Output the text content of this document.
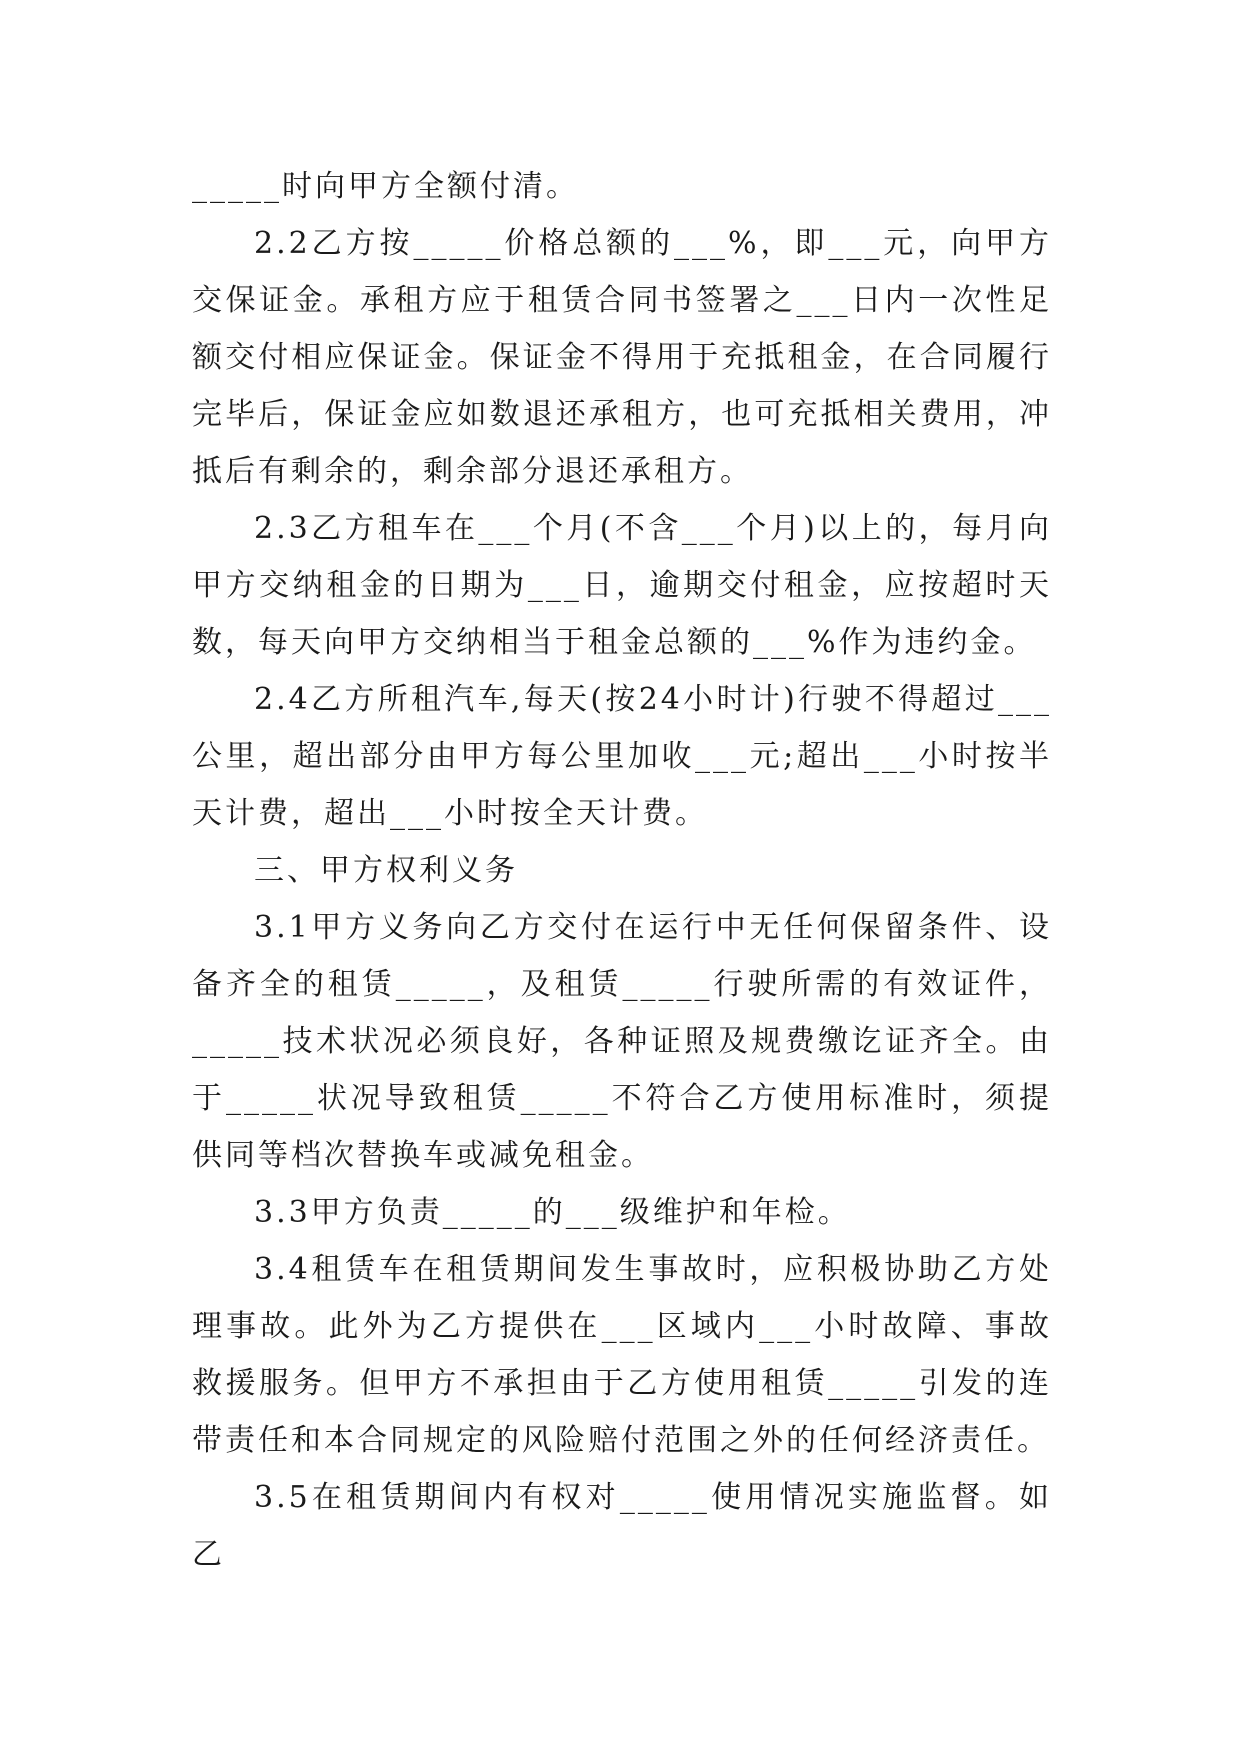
_____时向甲方全额付清。

2.2乙方按_____价格总额的___%，即___元，向甲方交保证金。承租方应于租赁合同书签署之___日内一次性足额交付相应保证金。保证金不得用于充抵租金，在合同履行完毕后，保证金应如数退还承租方，也可充抵相关费用，冲抵后有剩余的，剩余部分退还承租方。

2.3乙方租车在___个月(不含___个月)以上的，每月向甲方交纳租金的日期为___日，逾期交付租金，应按超时天数，每天向甲方交纳相当于租金总额的___%作为违约金。

2.4乙方所租汽车,每天(按24小时计)行驶不得超过___公里，超出部分由甲方每公里加收___元;超出___小时按半天计费，超出___小时按全天计费。

三、甲方权利义务

3.1甲方义务向乙方交付在运行中无任何保留条件、设备齐全的租赁_____，及租赁_____行驶所需的有效证件，_____技术状况必须良好，各种证照及规费缴讫证齐全。由于_____状况导致租赁_____不符合乙方使用标准时，须提供同等档次替换车或减免租金。

3.3甲方负责_____的___级维护和年检。

3.4租赁车在租赁期间发生事故时，应积极协助乙方处理事故。此外为乙方提供在___区域内___小时故障、事故救援服务。但甲方不承担由于乙方使用租赁_____引发的连带责任和本合同规定的风险赔付范围之外的任何经济责任。

3.5在租赁期间内有权对_____使用情况实施监督。如乙
